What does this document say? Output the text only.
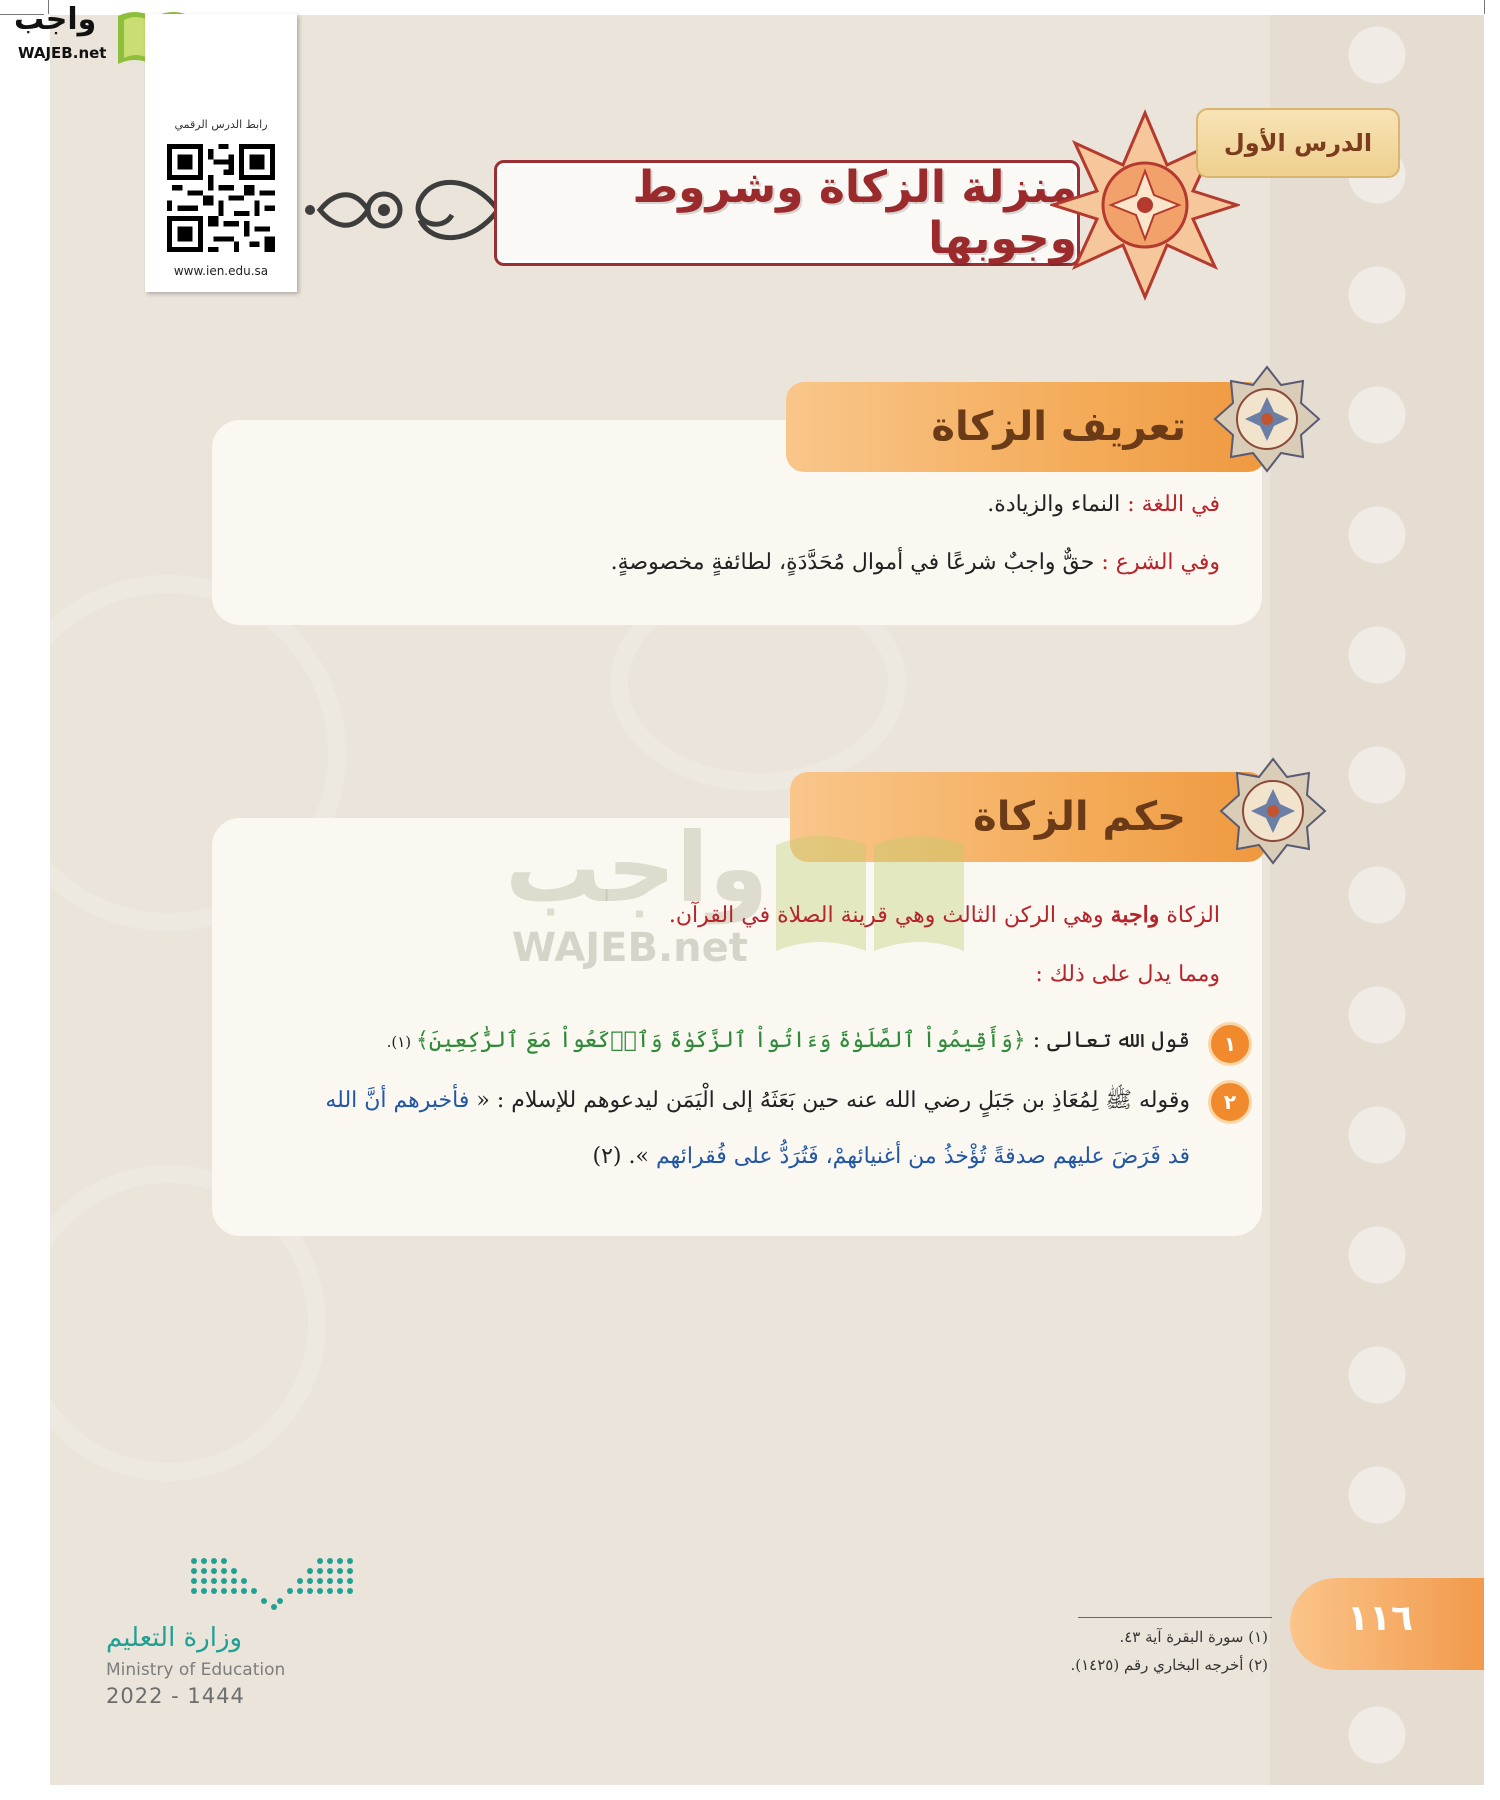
واجب
WAJEB.net
رابط الدرس الرقمي
www.ien.edu.sa
منزلة الزكاة وشروط وجوبها
الدرس الأول
تعريف الزكاة
في اللغة : النماء والزيادة.
وفي الشرع : حقٌّ واجبٌ شرعًا في أموال مُحَدَّدَةٍ، لطائفةٍ مخصوصةٍ.
حكم الزكاة
واجب
WAJEB.net
الزكاة واجبة وهي الركن الثالث وهي قرينة الصلاة في القرآن.
ومما يدل على ذلك :
١
قول الله تعالى : ﴿وَأَقِيمُواْ ٱلصَّلَوٰةَ وَءَاتُواْ ٱلزَّكَوٰةَ وَٱرۡكَعُواْ مَعَ ٱلرَّٰكِعِينَ﴾ (١).
٢
وقوله ﷺ لِمُعَاذِ بن جَبَلٍ رضي الله عنه حين بَعَثَهُ إلى الْيَمَن ليدعوهم للإسلام : « فأخبرهم أنَّ الله
قد فَرَضَ عليهم صدقةً تُؤْخذُ من أغنيائهمْ، فَتُرَدُّ على فُقرائهم ». (٢)
وزارة التعليم
Ministry of Education
2022 - 1444
(١) سورة البقرة آية ٤٣.
(٢) أخرجه البخاري رقم (١٤٢٥).
١١٦
